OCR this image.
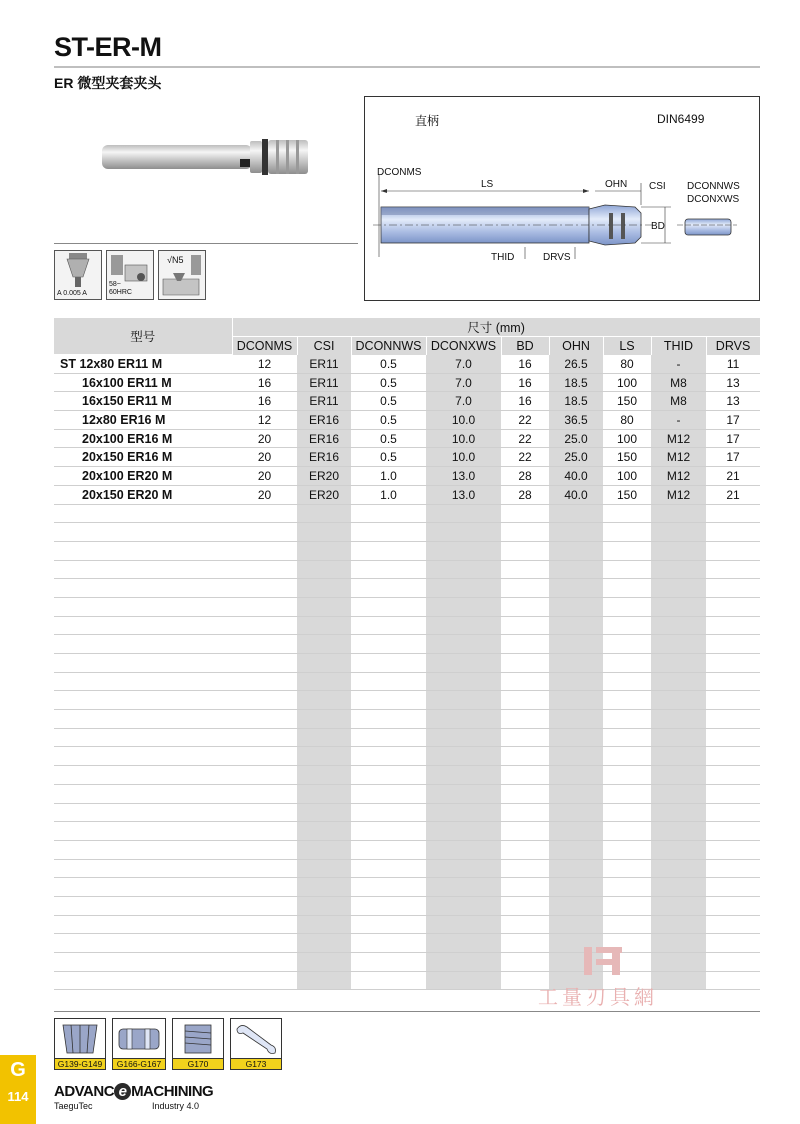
ST-ER-M
ER 微型夹套夹头
A 0.005 A
58~
60HRC
√N5
直柄	DIN6499
DCONMS
LS	OHN CSI
BD
THID	DRVS
DCONNWS
DCONXWS
型号	尺寸 (mm)								
	DCONMS	CSI	DCONNWS	DCONXWS	BD	OHN	LS	THID	DRVS
ST 12x80 ER11 M	12	ER11	0.5	7.0	16	26.5	80	-	11
16x100 ER11 M	16	ER11	0.5	7.0	16	18.5	100	M8	13
16x150 ER11 M	16	ER11	0.5	7.0	16	18.5	150	M8	13
12x80 ER16 M	12	ER16	0.5	10.0	22	36.5	80	-	17
20x100 ER16 M	20	ER16	0.5	10.0	22	25.0	100	M12	17
20x150 ER16 M	20	ER16	0.5	10.0	22	25.0	150	M12	17
20x100 ER20 M	20	ER20	1.0	13.0	28	40.0	100	M12	21
20x150 ER20 M	20	ER20	1.0	13.0	28	40.0	150	M12	21

工量刃具網
G139-G149	G166-G167	G170	G173
G
114	ADVANC e MACHINING
TaeguTec	Industry 4.0
